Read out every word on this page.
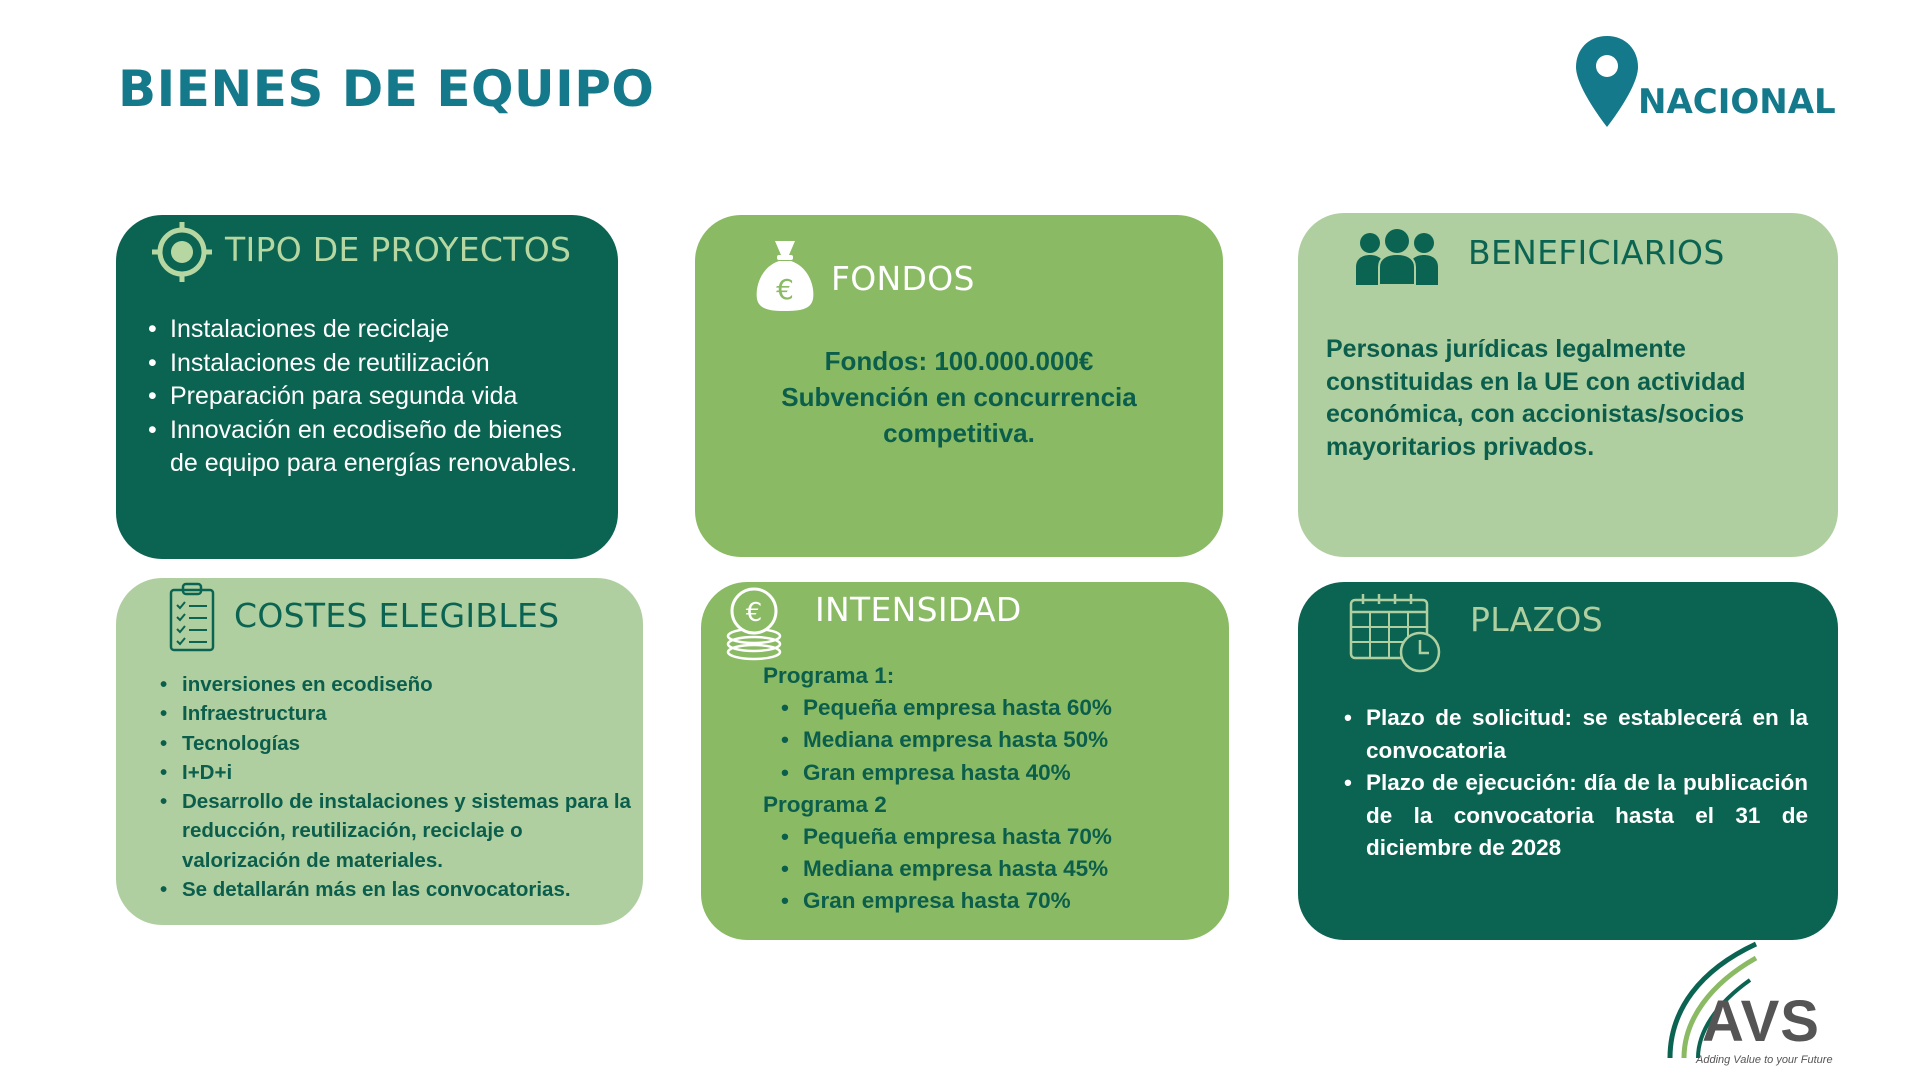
BIENES DE EQUIPO	NACIONAL
TIPO DE PROYECTOS
• Instalaciones de reciclaje
• Instalaciones de reutilización
• Preparación para segunda vida
• Innovación en ecodiseño de bienes de equipo para energías renovables.
€ FONDOS
Fondos: 100.000.000€
Subvención en concurrencia competitiva.
BENEFICIARIOS
Personas jurídicas legalmente constituidas en la UE con actividad económica, con accionistas/socios mayoritarios privados.
COSTES ELEGIBLES
• inversiones en ecodiseño
• Infraestructura
• Tecnologías
• I+D+i
• Desarrollo de instalaciones y sistemas para la reducción, reutilización, reciclaje o valorización de materiales.
• Se detallarán más en las convocatorias.
€ INTENSIDAD
Programa 1:
• Pequeña empresa hasta 60%
• Mediana empresa hasta 50%
• Gran empresa hasta 40%
Programa 2
• Pequeña empresa hasta 70%
• Mediana empresa hasta 45%
• Gran empresa hasta 70%
PLAZOS
• Plazo de solicitud: se establecerá en la convocatoria
• Plazo de ejecución: día de la publicación de la convocatoria hasta el 31 de diciembre de 2028
AVS
Adding Value to your Future
